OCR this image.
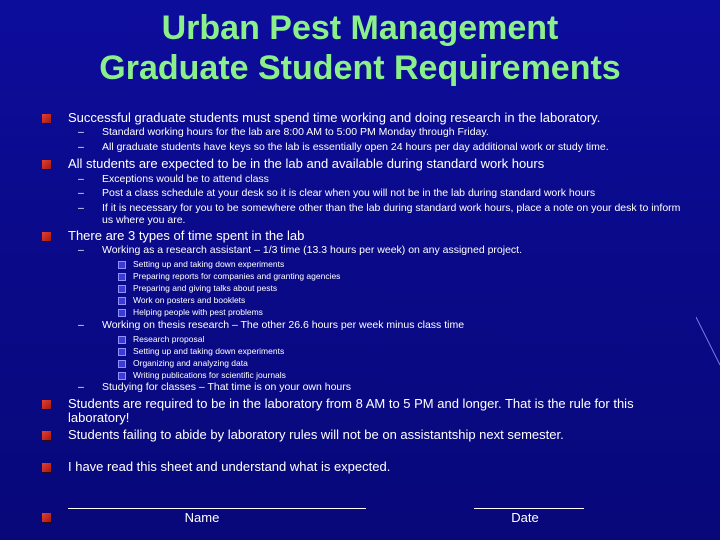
Urban Pest Management
Graduate Student Requirements
Successful graduate students must spend time working and doing research in the laboratory.
– Standard working hours for the lab are 8:00 AM to 5:00 PM Monday through Friday.
– All graduate students have keys so the lab is essentially open 24 hours per day additional work or study time.
All students are expected to be in the lab and available during standard work hours
– Exceptions would be to attend class
– Post a class schedule at your desk so it is clear when you will not be in the lab during standard work hours
– If it is necessary for you to be somewhere other than the lab during standard work hours, place a note on your desk to inform us where you are.
There are 3 types of time spent in the lab
– Working as a research assistant – 1/3 time (13.3 hours per week) on any assigned project.
Setting up and taking down experiments
Preparing reports for companies and granting agencies
Preparing and giving talks about pests
Work on posters and booklets
Helping people with pest problems
– Working on thesis research – The other 26.6 hours per week minus class time
Research proposal
Setting up and taking down experiments
Organizing and analyzing data
Writing publications for scientific journals
– Studying for classes – That time is on your own hours
Students are required to be in the laboratory from 8 AM to 5 PM and longer. That is the rule for this laboratory!
Students failing to abide by laboratory rules will not be on assistantship next semester.
I have read this sheet and understand what is expected.
Name	Date
